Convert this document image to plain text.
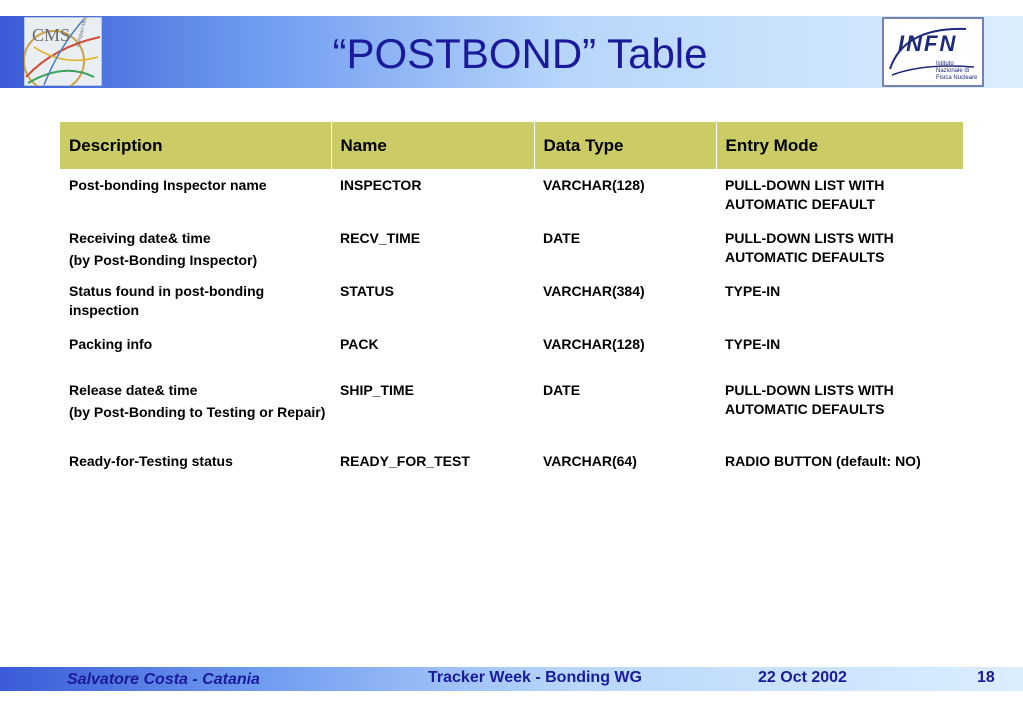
CMS	“POSTBOND” Table	INFN
Istituto Nazionale di Fisica Nucleare
Description	Name	Data Type	Entry Mode
Post-bonding Inspector name	INSPECTOR	VARCHAR(128)	PULL-DOWN LIST WITH AUTOMATIC DEFAULT
Receiving date& time
(by Post-Bonding Inspector)	RECV_TIME	DATE	PULL-DOWN LISTS WITH AUTOMATIC DEFAULTS
Status found in post-bonding inspection	STATUS	VARCHAR(384)	TYPE-IN
Packing info	PACK	VARCHAR(128)	TYPE-IN
Release date& time
(by Post-Bonding to Testing or Repair)	SHIP_TIME	DATE	PULL-DOWN LISTS WITH AUTOMATIC DEFAULTS
Ready-for-Testing status	READY_FOR_TEST	VARCHAR(64)	RADIO BUTTON (default: NO)
Salvatore Costa - Catania	Tracker Week - Bonding WG	22 Oct 2002	18
